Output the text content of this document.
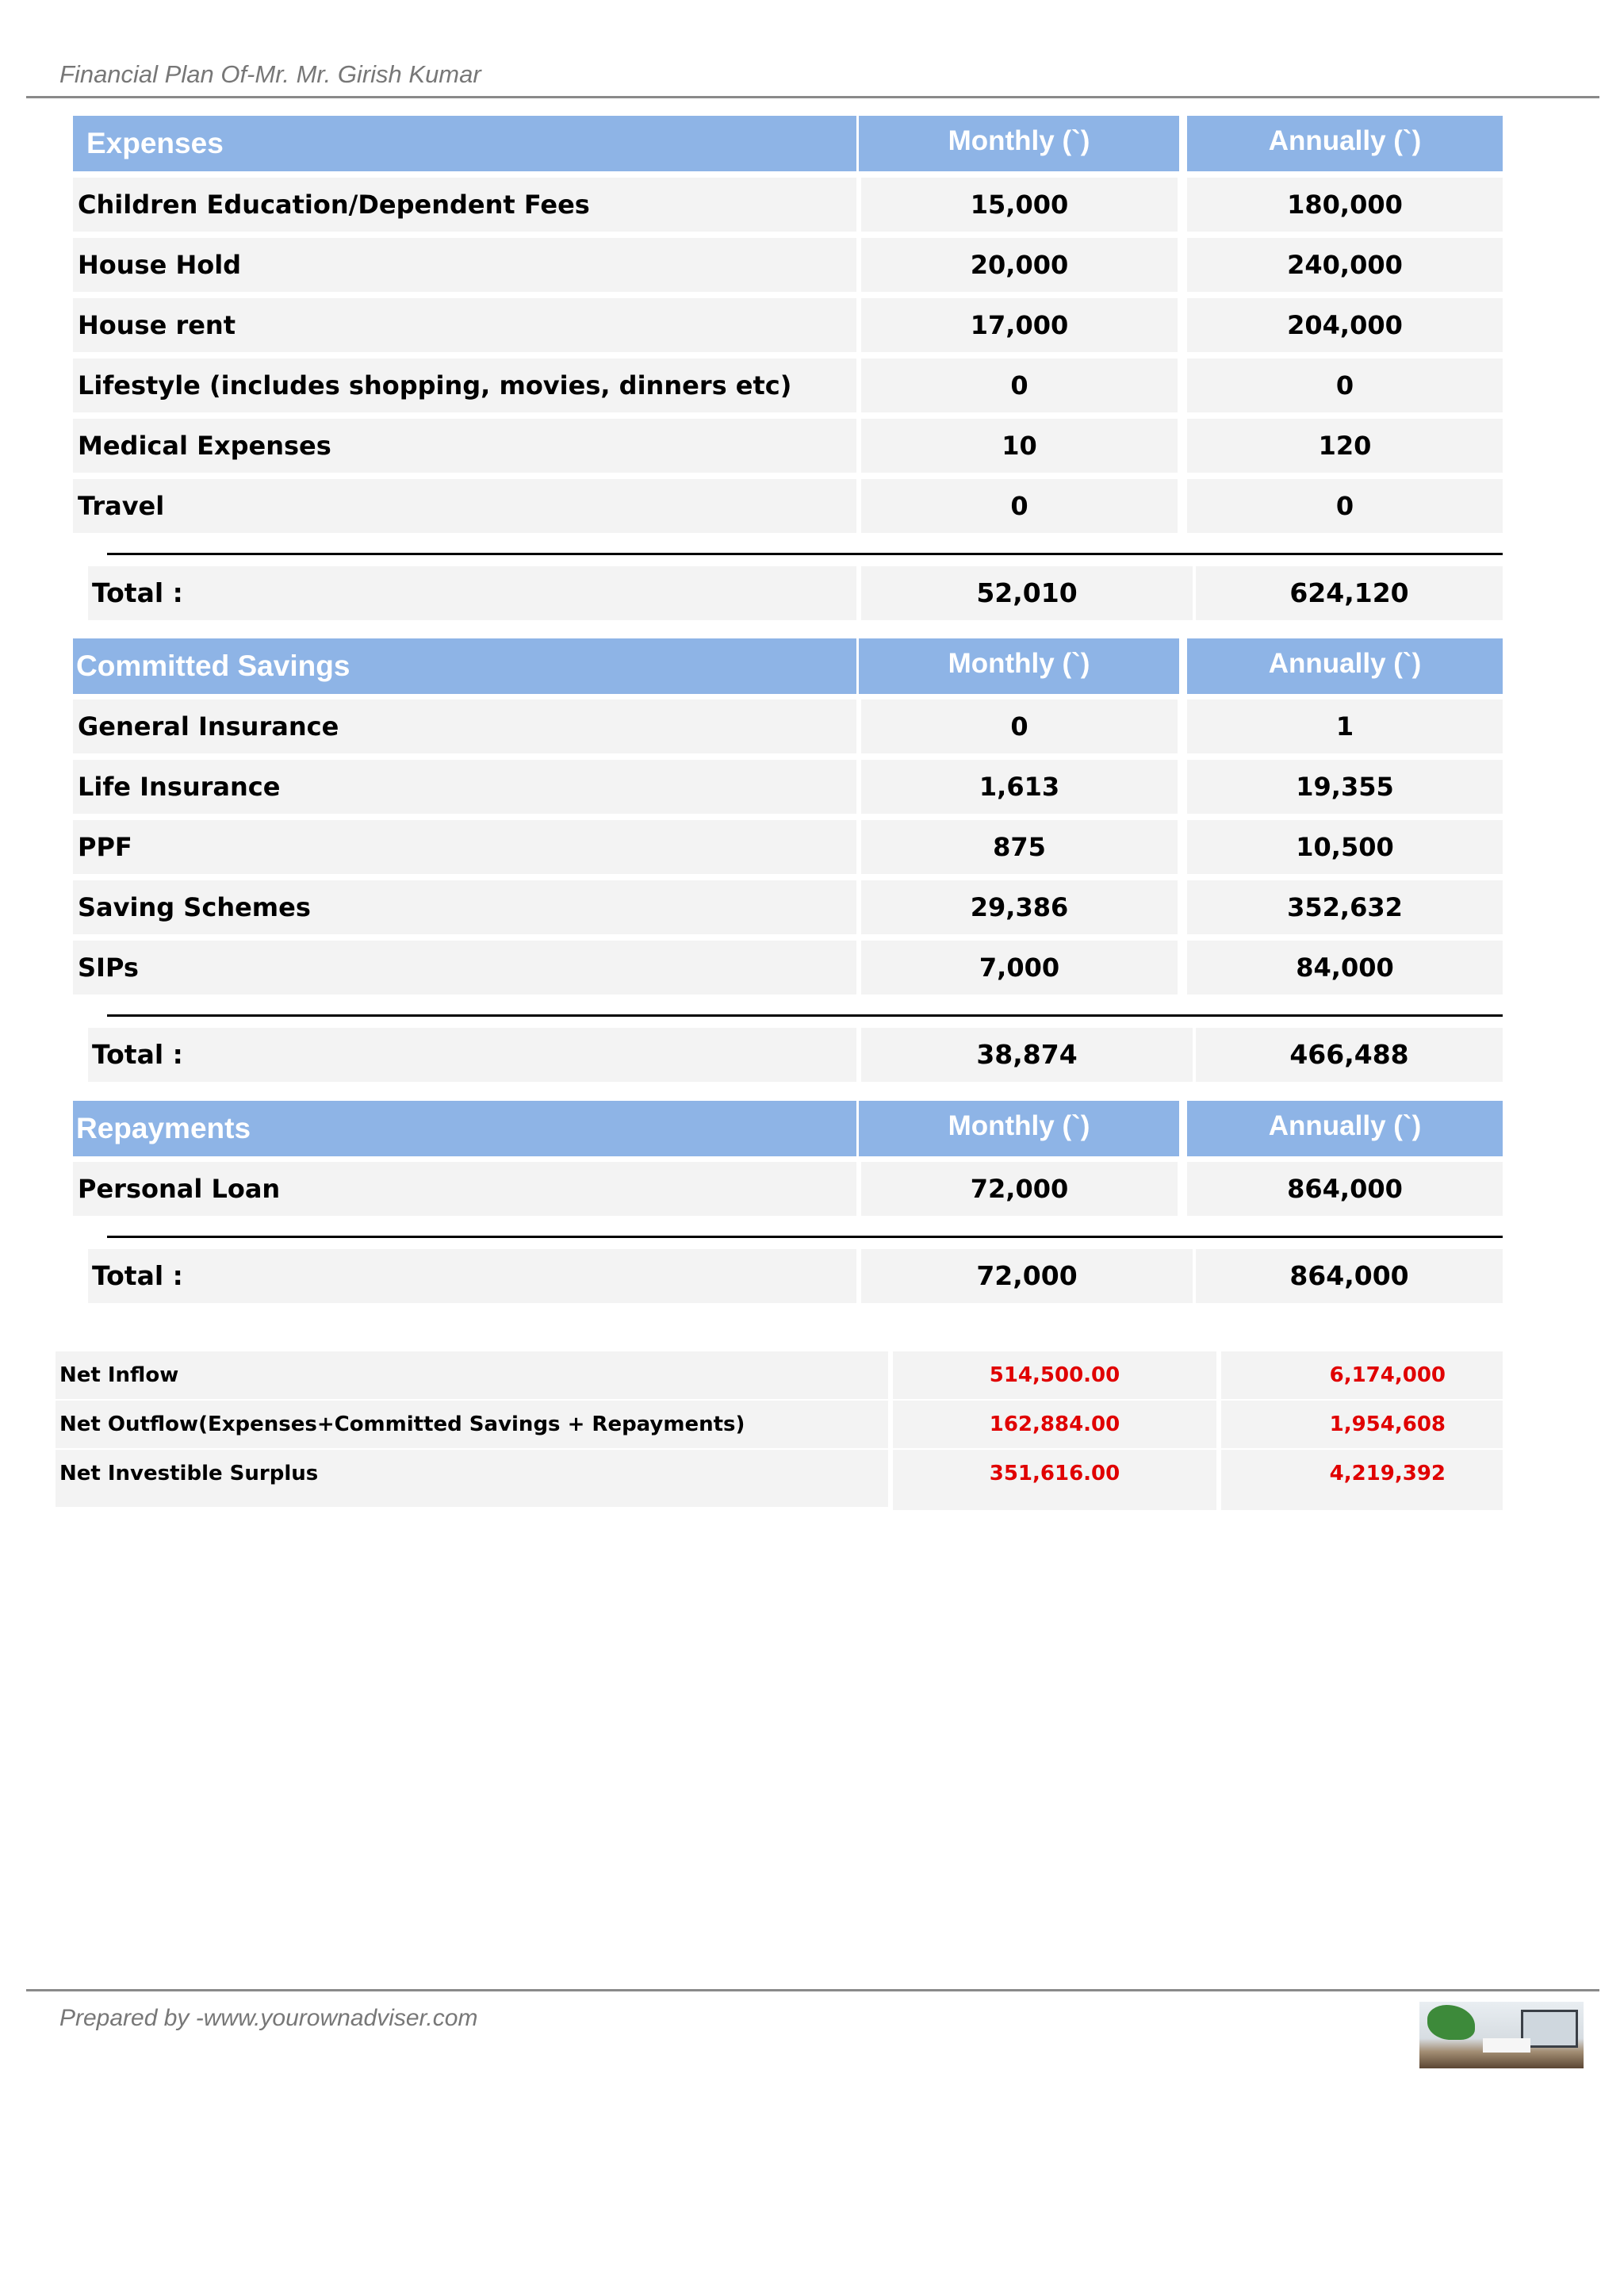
Financial Plan Of-Mr. Mr. Girish Kumar
Expenses	Monthly (`)	Annually (`)
Children Education/Dependent Fees	15,000	180,000
House Hold	20,000	240,000
House rent	17,000	204,000
Lifestyle (includes shopping, movies, dinners etc)	0	0
Medical Expenses	10	120
Travel	0	0
Total :	52,010	624,120
Committed Savings	Monthly (`)	Annually (`)
General Insurance	0	1
Life Insurance	1,613	19,355
PPF	875	10,500
Saving Schemes	29,386	352,632
SIPs	7,000	84,000
Total :	38,874	466,488
Repayments	Monthly (`)	Annually (`)
Personal Loan	72,000	864,000
Total :	72,000	864,000
Net Inflow	514,500.00	6,174,000
Net Outflow(Expenses+Committed Savings + Repayments)	162,884.00	1,954,608
Net Investible Surplus	351,616.00	4,219,392
Prepared by -www.yourownadviser.com
